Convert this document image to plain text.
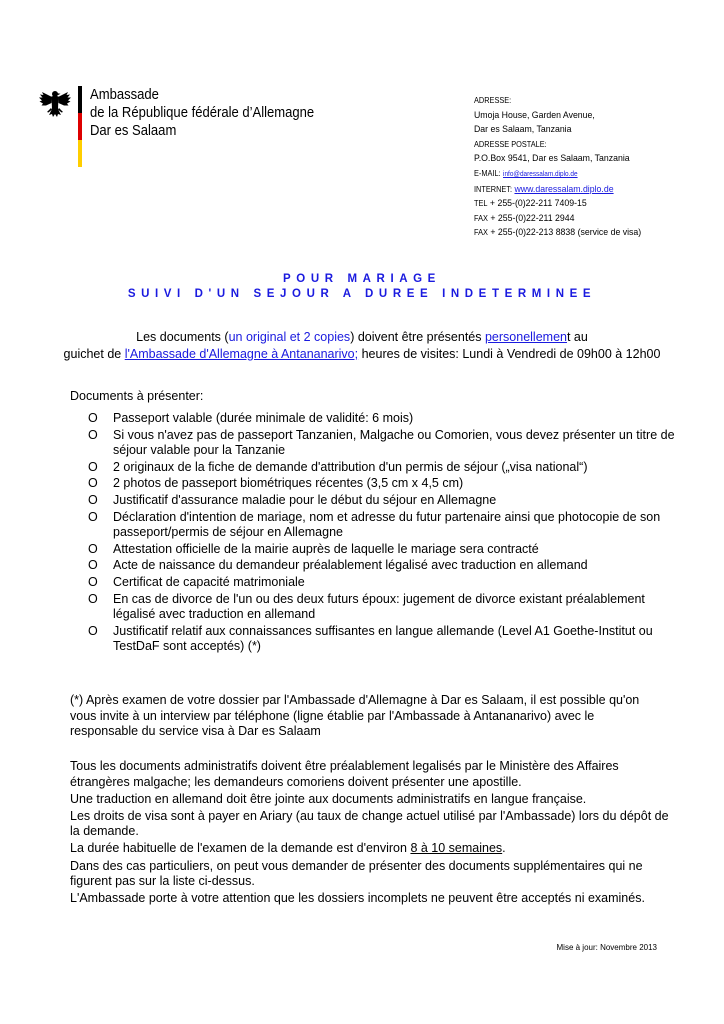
Ambassade
de la République fédérale d’Allemagne
Dar es Salaam
ADRESSE:
Umoja House, Garden Avenue,
Dar es Salaam, Tanzania
ADRESSE POSTALE:
P.O.Box 9541, Dar es Salaam, Tanzania
E-MAIL: info@daressalam.diplo.de
INTERNET: www.daressalam.diplo.de
TEL + 255-(0)22-211 7409-15
FAX + 255-(0)22-211 2944
FAX + 255-(0)22-213 8838 (service de visa)
POUR MARIAGE
SUIVI D'UN SEJOUR A DUREE INDETERMINEE
Les documents (un original et 2 copies) doivent être présentés personellement au
guichet de l'Ambassade d'Allemagne à Antananarivo; heures de visites: Lundi à Vendredi de 09h00 à 12h00
Documents à présenter:
O	Passeport valable (durée minimale de validité: 6 mois)
O	Si vous n'avez pas de passeport Tanzanien, Malgache ou Comorien, vous devez présenter un titre de séjour valable pour la Tanzanie
O	2 originaux de la fiche de demande d'attribution d'un permis de séjour („visa national“)
O	2 photos de passeport biométriques récentes (3,5 cm x 4,5 cm)
O	Justificatif d'assurance maladie pour le début du séjour en Allemagne
O	Déclaration d'intention de mariage, nom et adresse du futur partenaire ainsi que photocopie de son passeport/permis de séjour en Allemagne
O	Attestation officielle de la mairie auprès de laquelle le mariage sera contracté
O	Acte de naissance du demandeur préalablement légalisé avec traduction en allemand
O	Certificat de capacité matrimoniale
O	En cas de divorce de l'un ou des deux futurs époux: jugement de divorce existant préalablement légalisé avec traduction en allemand
O	Justificatif relatif aux connaissances suffisantes en langue allemande (Level A1 Goethe-Institut ou TestDaF sont acceptés) (*)
(*) Après examen de votre dossier par l'Ambassade d'Allemagne à Dar es Salaam, il est possible qu'on vous invite à un interview par téléphone (ligne établie par l'Ambassade à Antananarivo) avec le responsable du service visa à Dar es Salaam

Tous les documents administratifs doivent être préalablement legalisés par le Ministère des Affaires étrangères malgache; les demandeurs comoriens doivent présenter une apostille.

Une traduction en allemand doit être jointe aux documents administratifs en langue française.

Les droits de visa sont à payer en Ariary (au taux de change actuel utilisé par l'Ambassade) lors du dépôt de la demande.

La durée habituelle de l'examen de la demande est d'environ 8 à 10 semaines.

Dans des cas particuliers, on peut vous demander de présenter des documents supplémentaires qui ne figurent pas sur la liste ci-dessus.

L'Ambassade porte à votre attention que les dossiers incomplets ne peuvent être acceptés ni examinés.

Mise à jour: Novembre 2013
